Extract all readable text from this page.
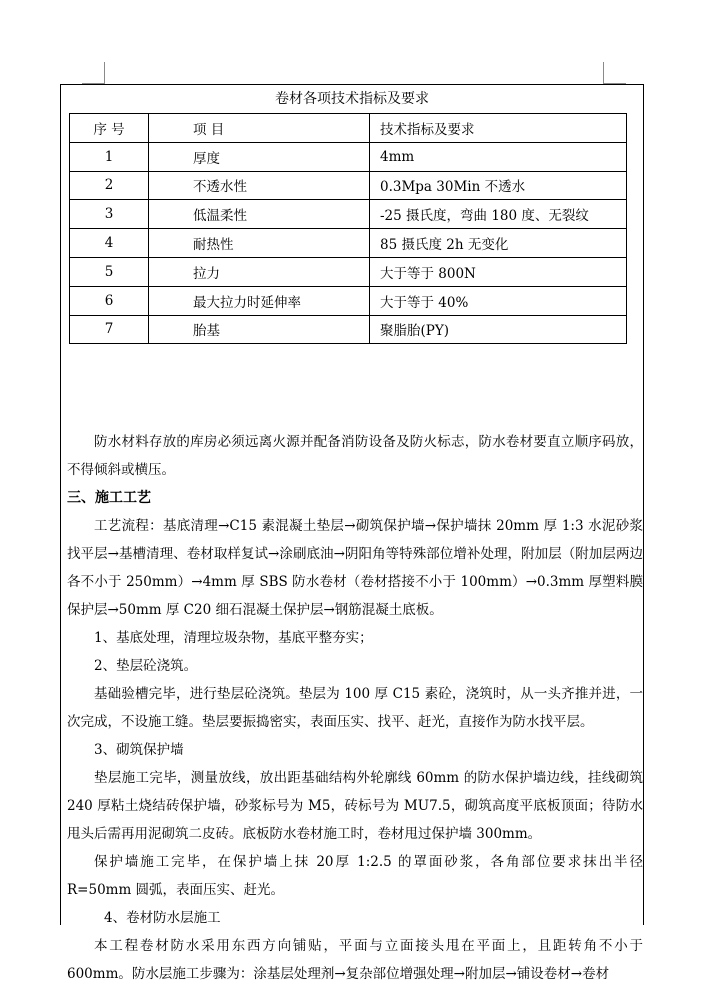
卷材各项技术指标及要求
序 号	项 目	技术指标及要求
1	厚度	4mm
2	不透水性	0.3Mpa 30Min 不透水
3	低温柔性	-25 摄氏度，弯曲 180 度、无裂纹
4	耐热性	85 摄氏度 2h 无变化
5	拉力	大于等于 800N
6	最大拉力时延伸率	大于等于 40%
7	胎基	聚脂胎(PY)

防水材料存放的库房必须远离火源并配备消防设备及防火标志，防水卷材要直立顺序码放，不得倾斜或横压。

三、施工工艺

工艺流程：基底清理→C15 素混凝土垫层→砌筑保护墙→保护墙抹 20mm 厚 1:3 水泥砂浆找平层→基槽清理、卷材取样复试→涂刷底油→阴阳角等特殊部位增补处理，附加层（附加层两边各不小于 250mm）→4mm 厚 SBS 防水卷材（卷材搭接不小于 100mm）→0.3mm 厚塑料膜保护层→50mm 厚 C20 细石混凝土保护层→钢筋混凝土底板。

1、基底处理，清理垃圾杂物，基底平整夯实；

2、垫层砼浇筑。

基础验槽完毕，进行垫层砼浇筑。垫层为 100 厚 C15 素砼，浇筑时，从一头齐推并进，一次完成，不设施工缝。垫层要振捣密实，表面压实、找平、赶光，直接作为防水找平层。

3、砌筑保护墙

垫层施工完毕，测量放线，放出距基础结构外轮廓线 60mm 的防水保护墙边线，挂线砌筑 240 厚粘土烧结砖保护墙，砂浆标号为 M5，砖标号为 MU7.5，砌筑高度平底板顶面；待防水甩头后需再用泥砌筑二皮砖。底板防水卷材施工时，卷材甩过保护墙 300mm。

保护墙施工完毕，在保护墙上抹 20厚 1:2.5 的罩面砂浆，各角部位要求抹出半径 R=50mm 圆弧，表面压实、赶光。

4、卷材防水层施工

本工程卷材防水采用东西方向铺贴，平面与立面接头甩在平面上，且距转角不小于600mm。防水层施工步骤为：涂基层处理剂→复杂部位增强处理→附加层→铺设卷材→卷材
